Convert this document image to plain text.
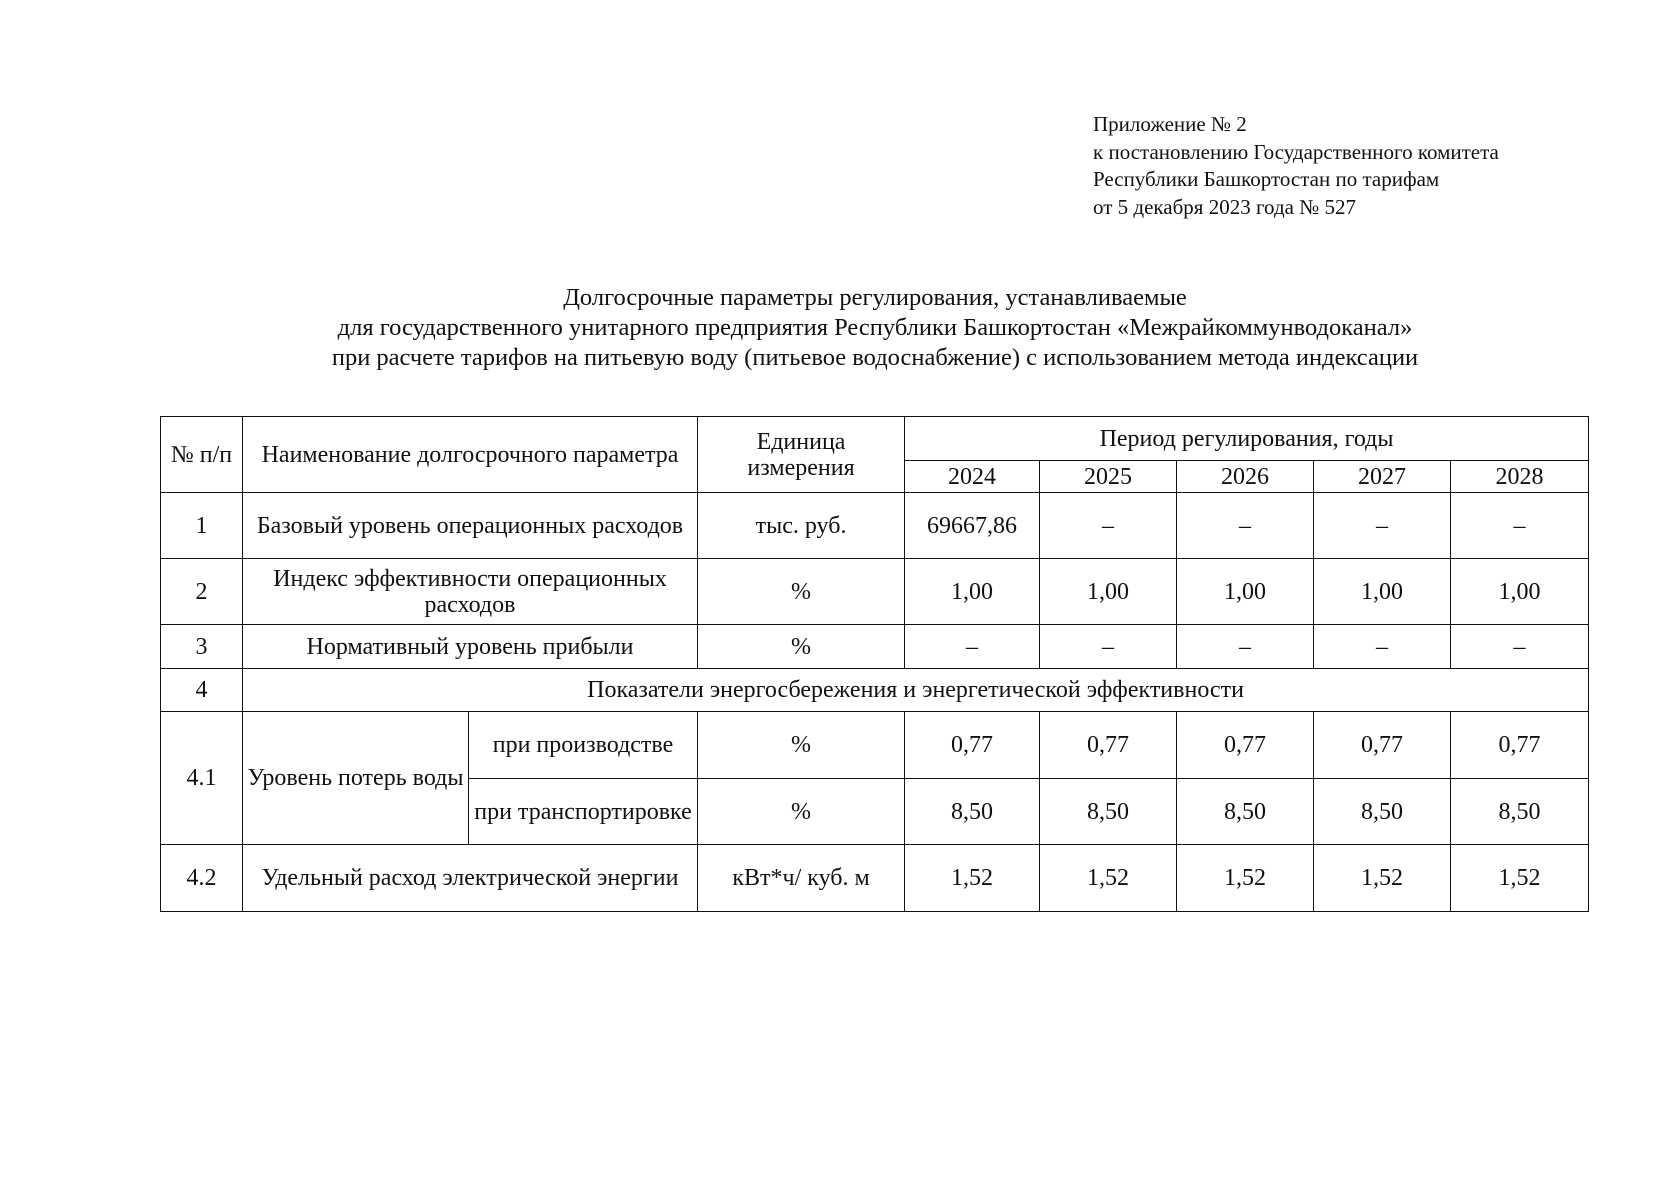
Приложение № 2
к постановлению Государственного комитета
Республики Башкортостан по тарифам
от 5 декабря 2023 года № 527
Долгосрочные параметры регулирования, устанавливаемые
для государственного унитарного предприятия Республики Башкортостан «Межрайкоммунводоканал»
при расчете тарифов на питьевую воду (питьевое водоснабжение) с использованием метода индексации
№ п/п	Наименование долгосрочного параметра		Единица измерения	Период регулирования, годы				
				2024	2025	2026	2027	2028
1	Базовый уровень операционных расходов		тыс. руб.	69667,86	–	–	–	–
2	Индекс эффективности операционных расходов		%	1,00	1,00	1,00	1,00	1,00
3	Нормативный уровень прибыли		%	–	–	–	–	–
4	Показатели энергосбережения и энергетической эффективности							
4.1	Уровень потерь воды	при производстве	%	0,77	0,77	0,77	0,77	0,77
		при транспортировке	%	8,50	8,50	8,50	8,50	8,50
4.2	Удельный расход электрической энергии		кВт*ч/ куб. м	1,52	1,52	1,52	1,52	1,52
